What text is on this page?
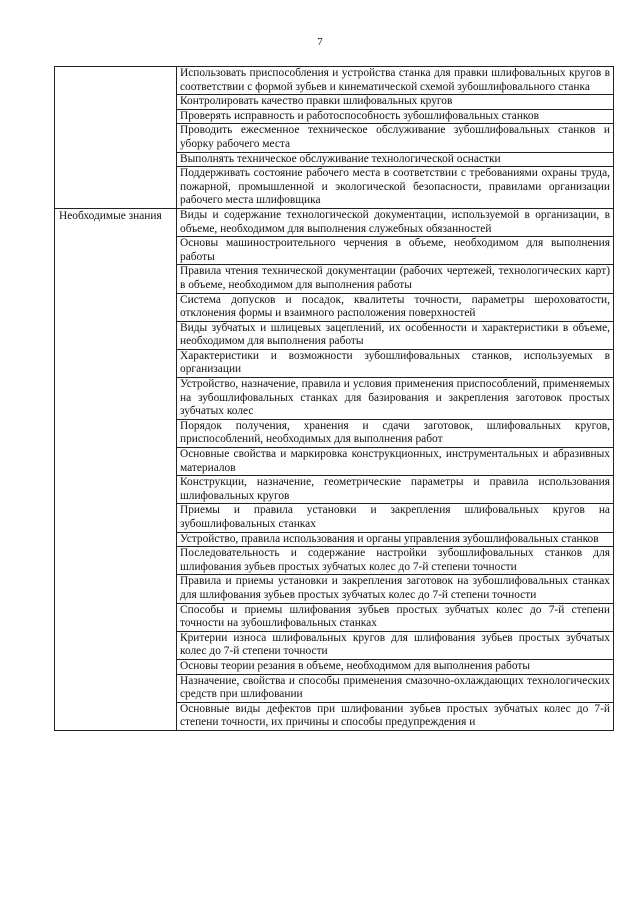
7
	Использовать приспособления и устройства станка для правки шлифовальных кругов в соответствии с формой зубьев и кинематической схемой зубошлифовального станка
	Контролировать качество правки шлифовальных кругов
	Проверять исправность и работоспособность зубошлифовальных станков
	Проводить ежесменное техническое обслуживание зубошлифовальных станков и уборку рабочего места
	Выполнять техническое обслуживание технологической оснастки
	Поддерживать состояние рабочего места в соответствии с требованиями охраны труда, пожарной, промышленной и экологической безопасности, правилами организации рабочего места шлифовщика
Необходимые знания	Виды и содержание технологической документации, используемой в организации, в объеме, необходимом для выполнения служебных обязанностей
	Основы машиностроительного черчения в объеме, необходимом для выполнения работы
	Правила чтения технической документации (рабочих чертежей, технологических карт) в объеме, необходимом для выполнения работы
	Система допусков и посадок, квалитеты точности, параметры шероховатости, отклонения формы и взаимного расположения поверхностей
	Виды зубчатых и шлицевых зацеплений, их особенности и характеристики в объеме, необходимом для выполнения работы
	Характеристики и возможности зубошлифовальных станков, используемых в организации
	Устройство, назначение, правила и условия применения приспособлений, применяемых на зубошлифовальных станках для базирования и закрепления заготовок простых зубчатых колес
	Порядок получения, хранения и сдачи заготовок, шлифовальных кругов, приспособлений, необходимых для выполнения работ
	Основные свойства и маркировка конструкционных, инструментальных и абразивных материалов
	Конструкции, назначение, геометрические параметры и правила использования шлифовальных кругов
	Приемы и правила установки и закрепления шлифовальных кругов на зубошлифовальных станках
	Устройство, правила использования и органы управления зубошлифовальных станков
	Последовательность и содержание настройки зубошлифовальных станков для шлифования зубьев простых зубчатых колес до 7-й степени точности
	Правила и приемы установки и закрепления заготовок на зубошлифовальных станках для шлифования зубьев простых зубчатых колес до 7-й степени точности
	Способы и приемы шлифования зубьев простых зубчатых колес до 7-й степени точности на зубошлифовальных станках
	Критерии износа шлифовальных кругов для шлифования зубьев простых зубчатых колес до 7-й степени точности
	Основы теории резания в объеме, необходимом для выполнения работы
	Назначение, свойства и способы применения смазочно-охлаждающих технологических средств при шлифовании
	Основные виды дефектов при шлифовании зубьев простых зубчатых колес до 7-й степени точности, их причины и способы предупреждения и
